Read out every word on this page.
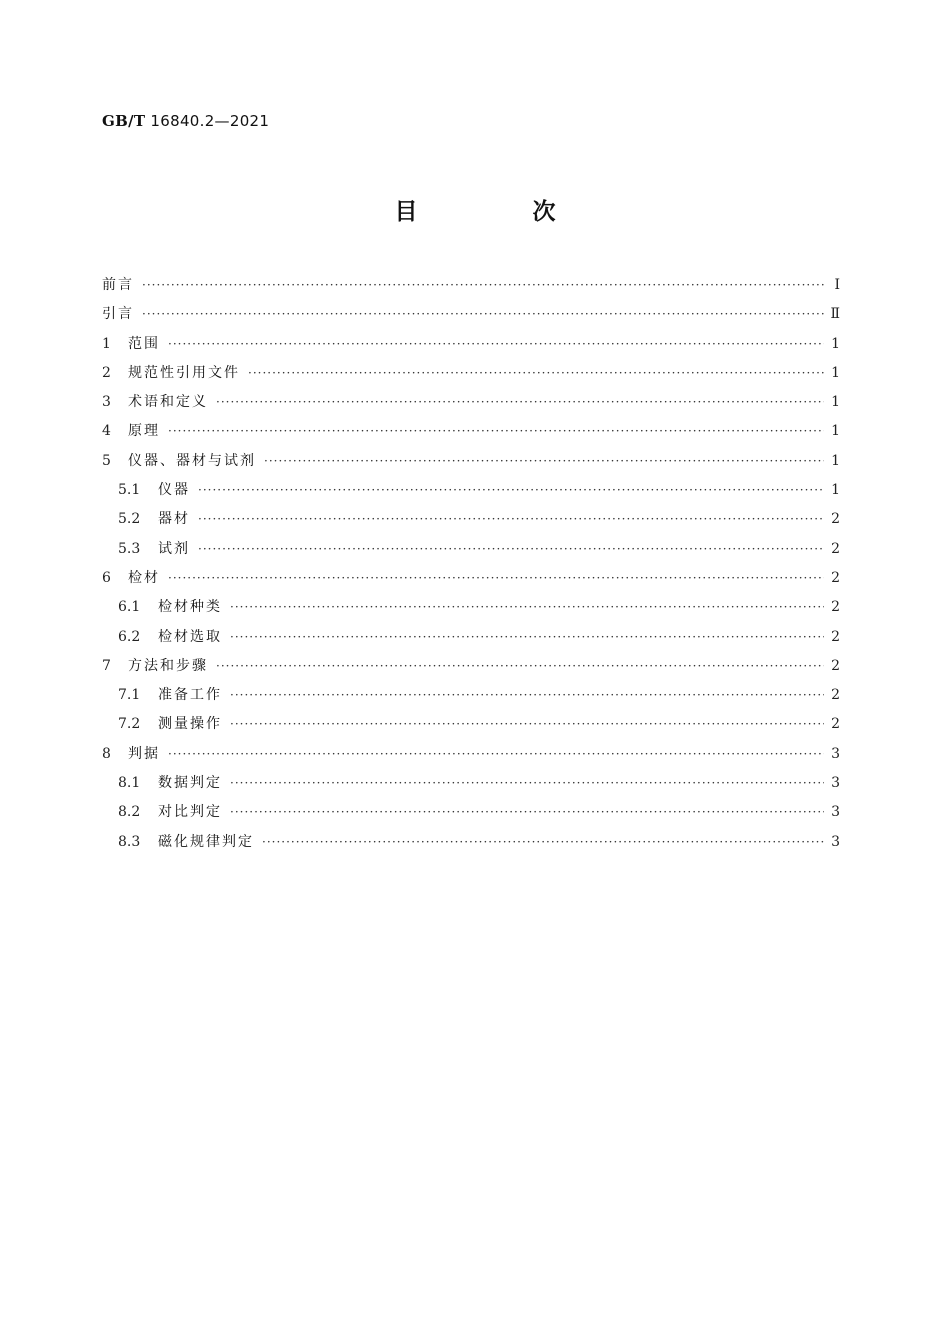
GB/T 16840.2—2021
目　次
前言 ·····	Ⅰ
引言 ·····	Ⅱ
1	范围 ·····	1
2	规范性引用文件 ·····	1
3	术语和定义 ·····	1
4	原理 ·····	1
5	仪器、器材与试剂 ·····	1
5.1	仪器 ·····	1
5.2	器材 ·····	2
5.3	试剂 ·····	2
6	检材 ·····	2
6.1	检材种类 ·····	2
6.2	检材选取 ·····	2
7	方法和步骤 ·····	2
7.1	准备工作 ·····	2
7.2	测量操作 ·····	2
8	判据 ·····	3
8.1	数据判定 ·····	3
8.2	对比判定 ·····	3
8.3	磁化规律判定 ·····	3
